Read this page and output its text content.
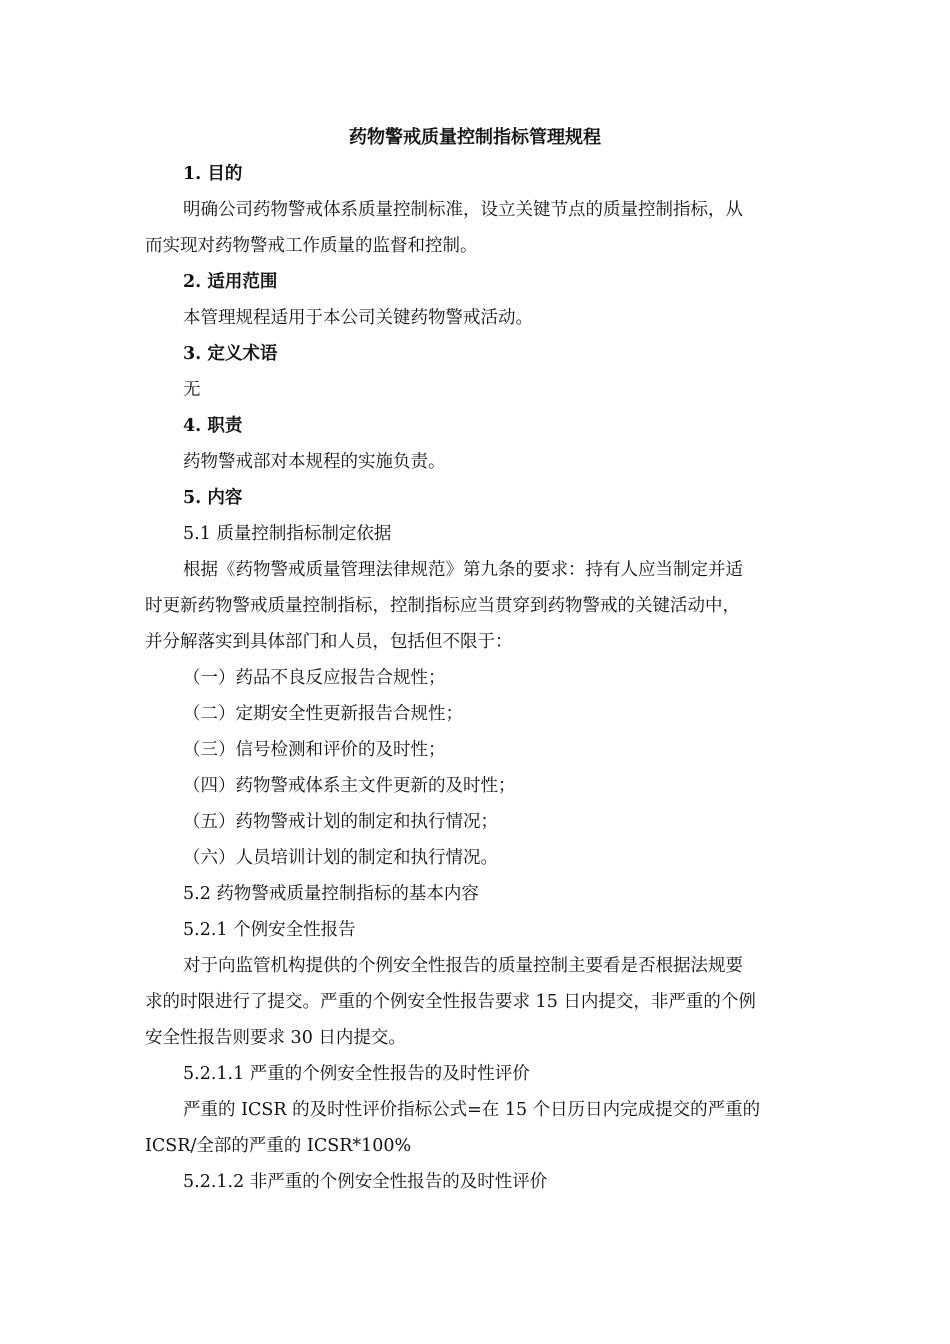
药物警戒质量控制指标管理规程
1. 目的
明确公司药物警戒体系质量控制标准，设立关键节点的质量控制指标，从
而实现对药物警戒工作质量的监督和控制。
2. 适用范围
本管理规程适用于本公司关键药物警戒活动。
3. 定义术语
无
4. 职责
药物警戒部对本规程的实施负责。
5. 内容
5.1 质量控制指标制定依据
根据《药物警戒质量管理法律规范》第九条的要求：持有人应当制定并适
时更新药物警戒质量控制指标，控制指标应当贯穿到药物警戒的关键活动中，
并分解落实到具体部门和人员，包括但不限于：
（一）药品不良反应报告合规性；
（二）定期安全性更新报告合规性；
（三）信号检测和评价的及时性；
（四）药物警戒体系主文件更新的及时性；
（五）药物警戒计划的制定和执行情况；
（六）人员培训计划的制定和执行情况。
5.2 药物警戒质量控制指标的基本内容
5.2.1 个例安全性报告
对于向监管机构提供的个例安全性报告的质量控制主要看是否根据法规要
求的时限进行了提交。严重的个例安全性报告要求 15 日内提交，非严重的个例
安全性报告则要求 30 日内提交。
5.2.1.1 严重的个例安全性报告的及时性评价
严重的 ICSR 的及时性评价指标公式=在 15 个日历日内完成提交的严重的
ICSR/全部的严重的 ICSR*100%
5.2.1.2 非严重的个例安全性报告的及时性评价
